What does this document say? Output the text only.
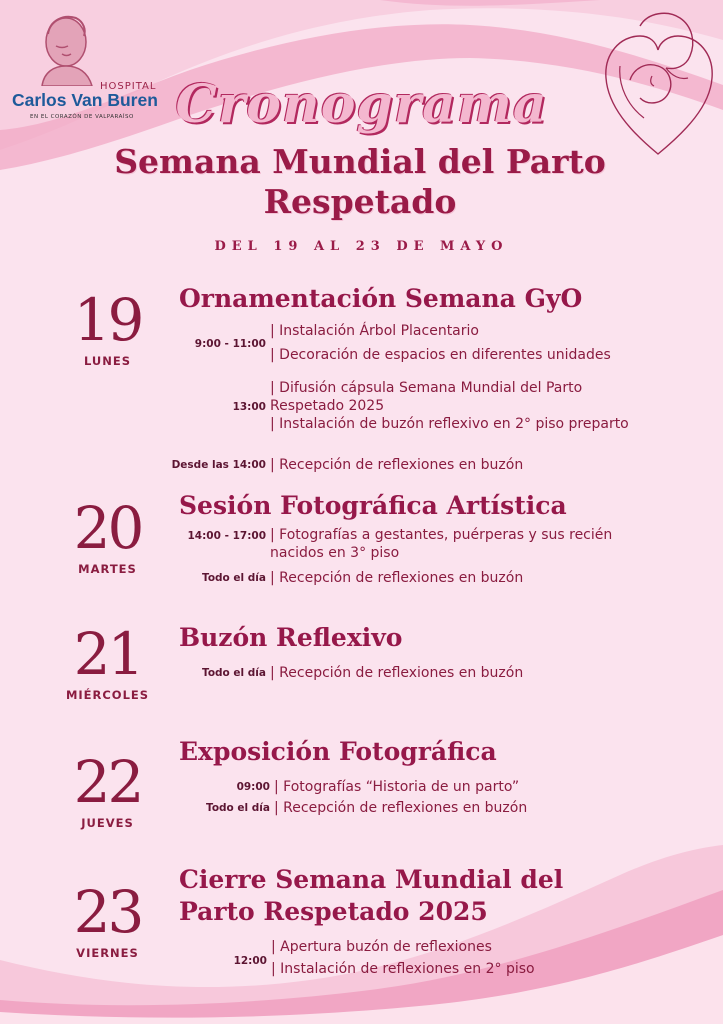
HOSPITAL
Carlos Van Buren
EN EL CORAZÓN DE VALPARAÍSO Cronograma
Semana Mundial del Parto Respetado
DEL 19 AL 23 DE MAYO
19
LUNES
Ornamentación Semana GyO
9:00 - 11:00
| Instalación Árbol Placentario
| Decoración de espacios en diferentes unidades
13:00
| Difusión cápsula Semana Mundial del Parto Respetado 2025
| Instalación de buzón reflexivo en 2° piso preparto
Desde las 14:00 | Recepción de reflexiones en buzón
20
MARTES
Sesión Fotográfica Artística
14:00 - 17:00 | Fotografías a gestantes, puérperas y sus recién nacidos en 3° piso
Todo el día | Recepción de reflexiones en buzón
21
MIÉRCOLES
Buzón Reflexivo
Todo el día | Recepción de reflexiones en buzón
22
JUEVES
Exposición Fotográfica
09:00 | Fotografías “Historia de un parto”
Todo el día | Recepción de reflexiones en buzón
23
VIERNES
Cierre Semana Mundial del Parto Respetado 2025
12:00
| Apertura buzón de reflexiones
| Instalación de reflexiones en 2° piso
